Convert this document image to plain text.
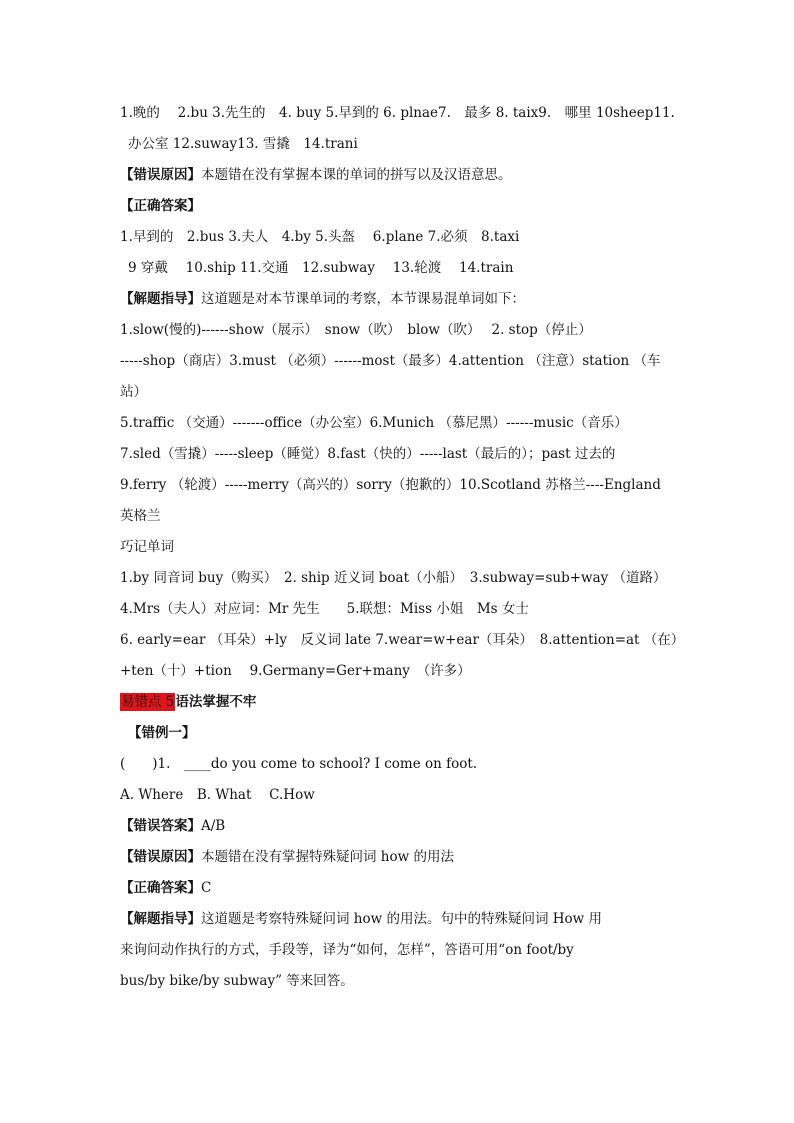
1.晚的　 2.bu 3.先生的　4. buy 5.早到的 6. plnae7.　最多 8. taix9.　哪里 10sheep11.
办公室 12.suway13. 雪撬　14.trani
【错误原因】本题错在没有掌握本课的单词的拼写以及汉语意思。
【正确答案】
1.早到的　2.bus 3.夫人　4.by 5.头盔　 6.plane 7.必须　8.taxi
9 穿戴　 10.ship 11.交通　12.subway　 13.轮渡　 14.train
【解题指导】这道题是对本节课单词的考察，本节课易混单词如下：
1.slow(慢的)------show（展示）　snow（吹）　blow（吹）　 2. stop（停止）
-----shop（商店）3.must （必须）------most（最多）4.attention （注意）station （车
站）
5.traffic （交通）-------office（办公室）6.Munich （慕尼黑）------music（音乐）
7.sled（雪撬）-----sleep（睡觉）8.fast（快的）-----last（最后的）；past 过去的
9.ferry （轮渡）-----merry（高兴的）sorry（抱歉的）10.Scotland 苏格兰----England
英格兰
巧记单词
1.by 同音词 buy（购买）　2. ship 近义词 boat（小船）　3.subway=sub+way （道路）
4.Mrs（夫人）对应词：Mr 先生　　5.联想：Miss 小姐　Ms 女士
6. early=ear （耳朵）+ly　反义词 late 7.wear=w+ear（耳朵）　8.attention=at （在）
+ten（十）+tion　 9.Germany=Ger+many　（许多）
易错点 5语法掌握不牢
【错例一】
(　　)1.　____do you come to school? I come on foot.
A. Where　B. What　 C.How
【错误答案】A/B
【错误原因】本题错在没有掌握特殊疑问词 how 的用法
【正确答案】C
【解题指导】这道题是考察特殊疑问词 how 的用法。句中的特殊疑问词 How 用
来询问动作执行的方式，手段等，译为“如何，怎样”，答语可用“on foot/by
bus/by bike/by subway” 等来回答。
